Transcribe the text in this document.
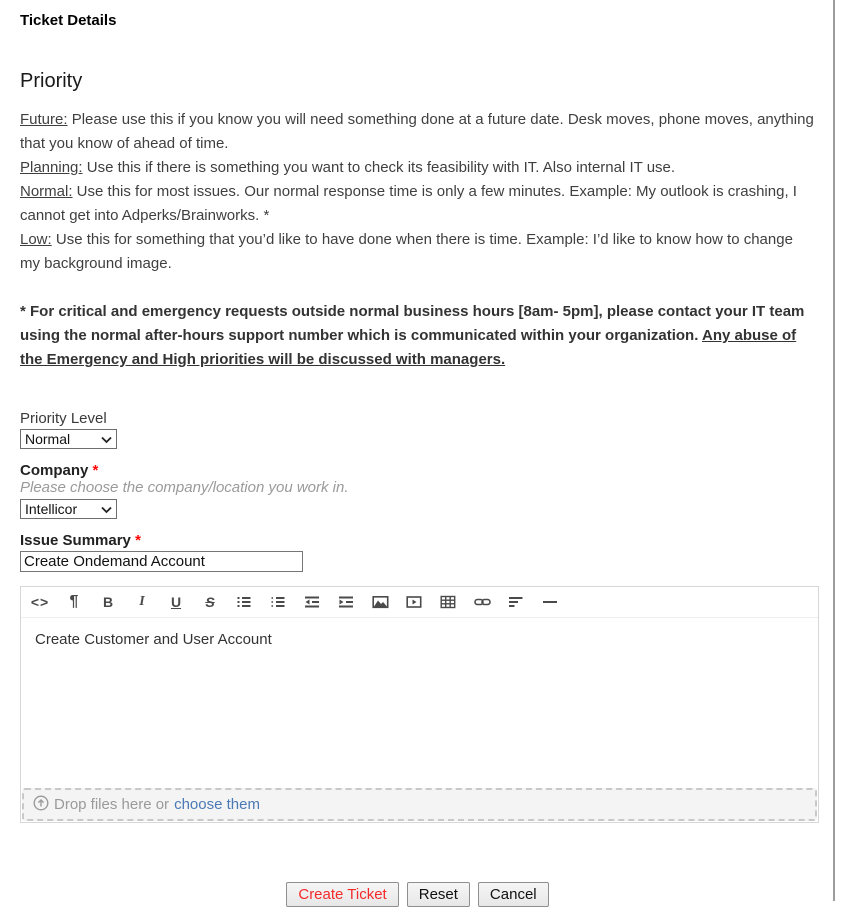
Ticket Details
Priority

Future: Please use this if you know you will need something done at a future date. Desk moves, phone moves, anything that you know of ahead of time.

Planning: Use this if there is something you want to check its feasibility with IT. Also internal IT use.

Normal: Use this for most issues. Our normal response time is only a few minutes. Example: My outlook is crashing, I cannot get into Adperks/Brainworks. *

Low: Use this for something that you’d like to have done when there is time. Example: I’d like to know how to change my background image.

* For critical and emergency requests outside normal business hours [8am- 5pm], please contact your IT team using the normal after-hours support number which is communicated within your organization. Any abuse of the Emergency and High priorities will be discussed with managers.

Priority Level
Normal
Company *
Please choose the company/location you work in.
Intellicor
Issue Summary *
Create Ondemand Account
<>	¶	B	I	U	S
Create Customer and User Account
Drop files here or choose them
Create Ticket	Reset	Cancel
